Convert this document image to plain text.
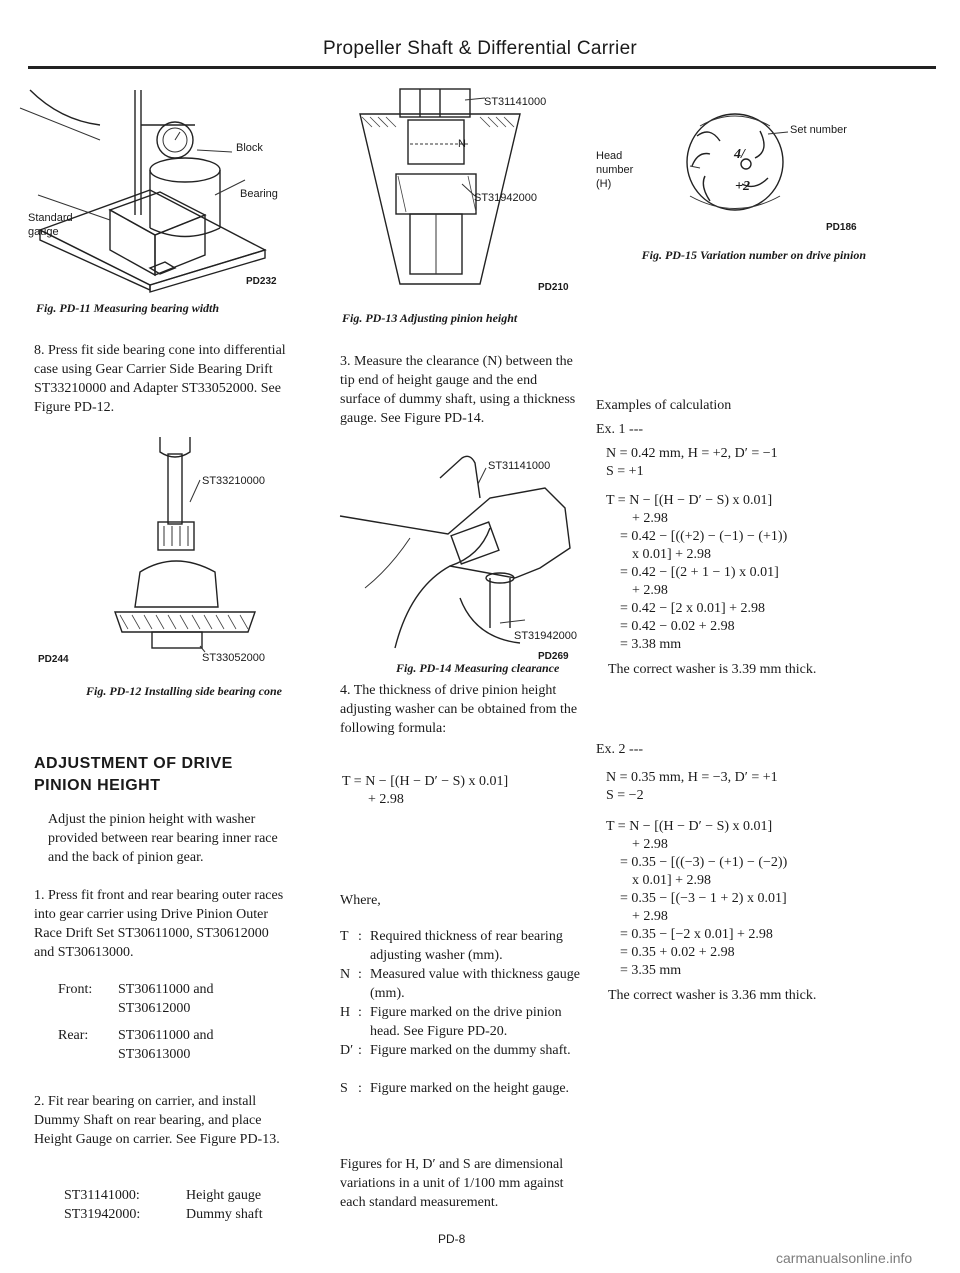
Propeller Shaft & Differential Carrier
Block
Bearing
Standard
gauge
PD232
Fig. PD-11 Measuring bearing width
8. Press fit side bearing cone into differential case using Gear Carrier Side Bearing Drift ST33210000 and Adapter ST33052000. See Figure PD-12.
ST33210000
ST33052000
PD244
Fig. PD-12 Installing side bearing cone
ADJUSTMENT OF DRIVE PINION HEIGHT
Adjust the pinion height with washer provided between rear bearing inner race and the back of pinion gear.
1. Press fit front and rear bearing outer races into gear carrier using Drive Pinion Outer Race Drift Set ST30611000, ST30612000 and ST30613000.
Front: ST30611000 and ST30612000
Rear: ST30611000 and ST30613000
2. Fit rear bearing on carrier, and install Dummy Shaft on rear bearing, and place Height Gauge on carrier. See Figure PD-13.
ST31141000:	Height gauge
ST31942000:	Dummy shaft
ST31141000
N
ST31942000
PD210
Fig. PD-13 Adjusting pinion height
3. Measure the clearance (N) between the tip end of height gauge and the end surface of dummy shaft, using a thickness gauge. See Figure PD-14.
ST31141000
ST31942000
PD269
Fig. PD-14 Measuring clearance
4. The thickness of drive pinion height adjusting washer can be obtained from the following formula:
T = N − [(H − D′ − S) x 0.01]
+ 2.98
Where,
T : Required thickness of rear bearing adjusting washer (mm).
N : Measured value with thickness gauge (mm).
H : Figure marked on the drive pinion head. See Figure PD-20.
D′ : Figure marked on the dummy shaft.
S : Figure marked on the height gauge.
Figures for H, D′ and S are dimensional variations in a unit of 1/100 mm against each standard measurement.
PD-8
4/
+2
Head
number
(H)
Set number
PD186
Fig. PD-15 Variation number on drive pinion
Examples of calculation
Ex. 1 ---
N = 0.42 mm, H = +2, D′ = −1
S = +1
T = N − [(H − D′ − S) x 0.01]
+ 2.98
= 0.42 − [((+2) − (−1) − (+1))
x 0.01] + 2.98
= 0.42 − [(2 + 1 − 1) x 0.01]
+ 2.98
= 0.42 − [2 x 0.01] + 2.98
= 0.42 − 0.02 + 2.98
= 3.38 mm
The correct washer is 3.39 mm thick.
Ex. 2 ---
N = 0.35 mm, H = −3, D′ = +1
S = −2
T = N − [(H − D′ − S) x 0.01]
+ 2.98
= 0.35 − [((−3) − (+1) − (−2))
x 0.01] + 2.98
= 0.35 − [(−3 − 1 + 2) x 0.01]
+ 2.98
= 0.35 − [−2 x 0.01] + 2.98
= 0.35 + 0.02 + 2.98
= 3.35 mm
The correct washer is 3.36 mm thick.
carmanualsonline.info
